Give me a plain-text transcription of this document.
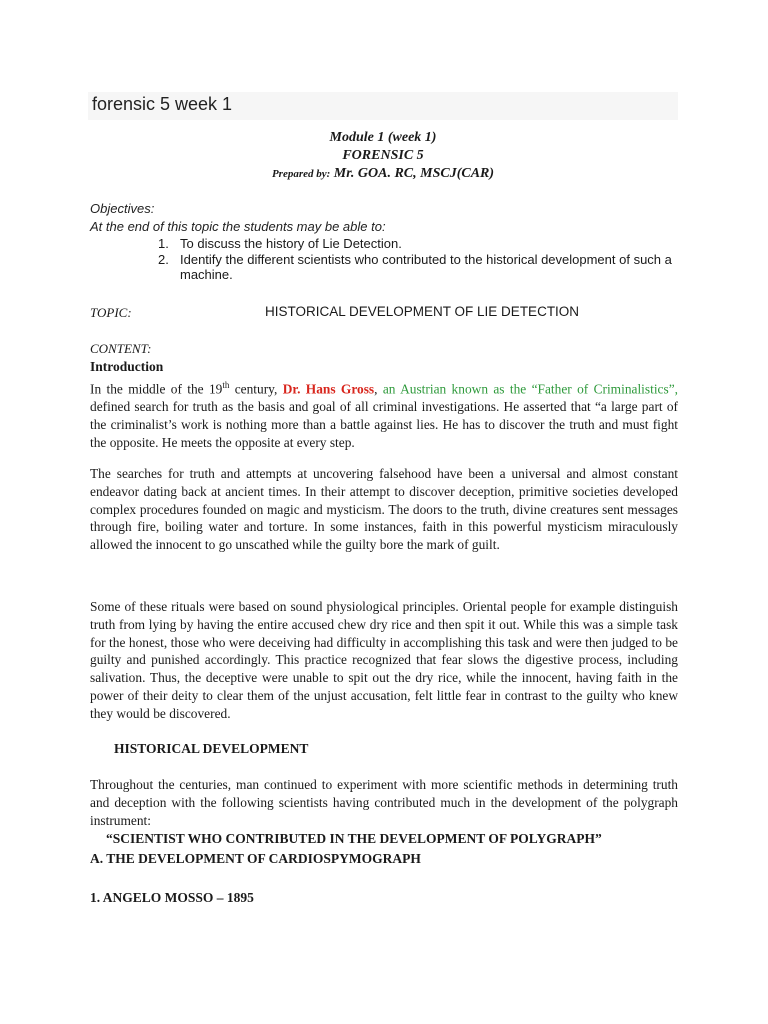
forensic 5 week 1
Module 1 (week 1)
FORENSIC 5
Prepared by: Mr. GOA. RC, MSCJ(CAR)
Objectives:
At the end of this topic the students may be able to:
1. To discuss the history of Lie Detection.
2. Identify the different scientists who contributed to the historical development of such a machine.
TOPIC:	HISTORICAL DEVELOPMENT OF LIE DETECTION
CONTENT:
Introduction
In the middle of the 19th century, Dr. Hans Gross, an Austrian known as the “Father of Criminalistics”, defined search for truth as the basis and goal of all criminal investigations. He asserted that “a large part of the criminalist’s work is nothing more than a battle against lies. He has to discover the truth and must fight the opposite. He meets the opposite at every step.
The searches for truth and attempts at uncovering falsehood have been a universal and almost constant endeavor dating back at ancient times. In their attempt to discover deception, primitive societies developed complex procedures founded on magic and mysticism. The doors to the truth, divine creatures sent messages through fire, boiling water and torture. In some instances, faith in this powerful mysticism miraculously allowed the innocent to go unscathed while the guilty bore the mark of guilt.
Some of these rituals were based on sound physiological principles. Oriental people for example distinguish truth from lying by having the entire accused chew dry rice and then spit it out. While this was a simple task for the honest, those who were deceiving had difficulty in accomplishing this task and were then judged to be guilty and punished accordingly. This practice recognized that fear slows the digestive process, including salivation. Thus, the deceptive were unable to spit out the dry rice, while the innocent, having faith in the power of their deity to clear them of the unjust accusation, felt little fear in contrast to the guilty who knew they would be discovered.
HISTORICAL DEVELOPMENT
Throughout the centuries, man continued to experiment with more scientific methods in determining truth and deception with the following scientists having contributed much in the development of the polygraph instrument:
“SCIENTIST WHO CONTRIBUTED IN THE DEVELOPMENT OF POLYGRAPH”
A. THE DEVELOPMENT OF CARDIOSPYMOGRAPH
1. ANGELO MOSSO – 1895
